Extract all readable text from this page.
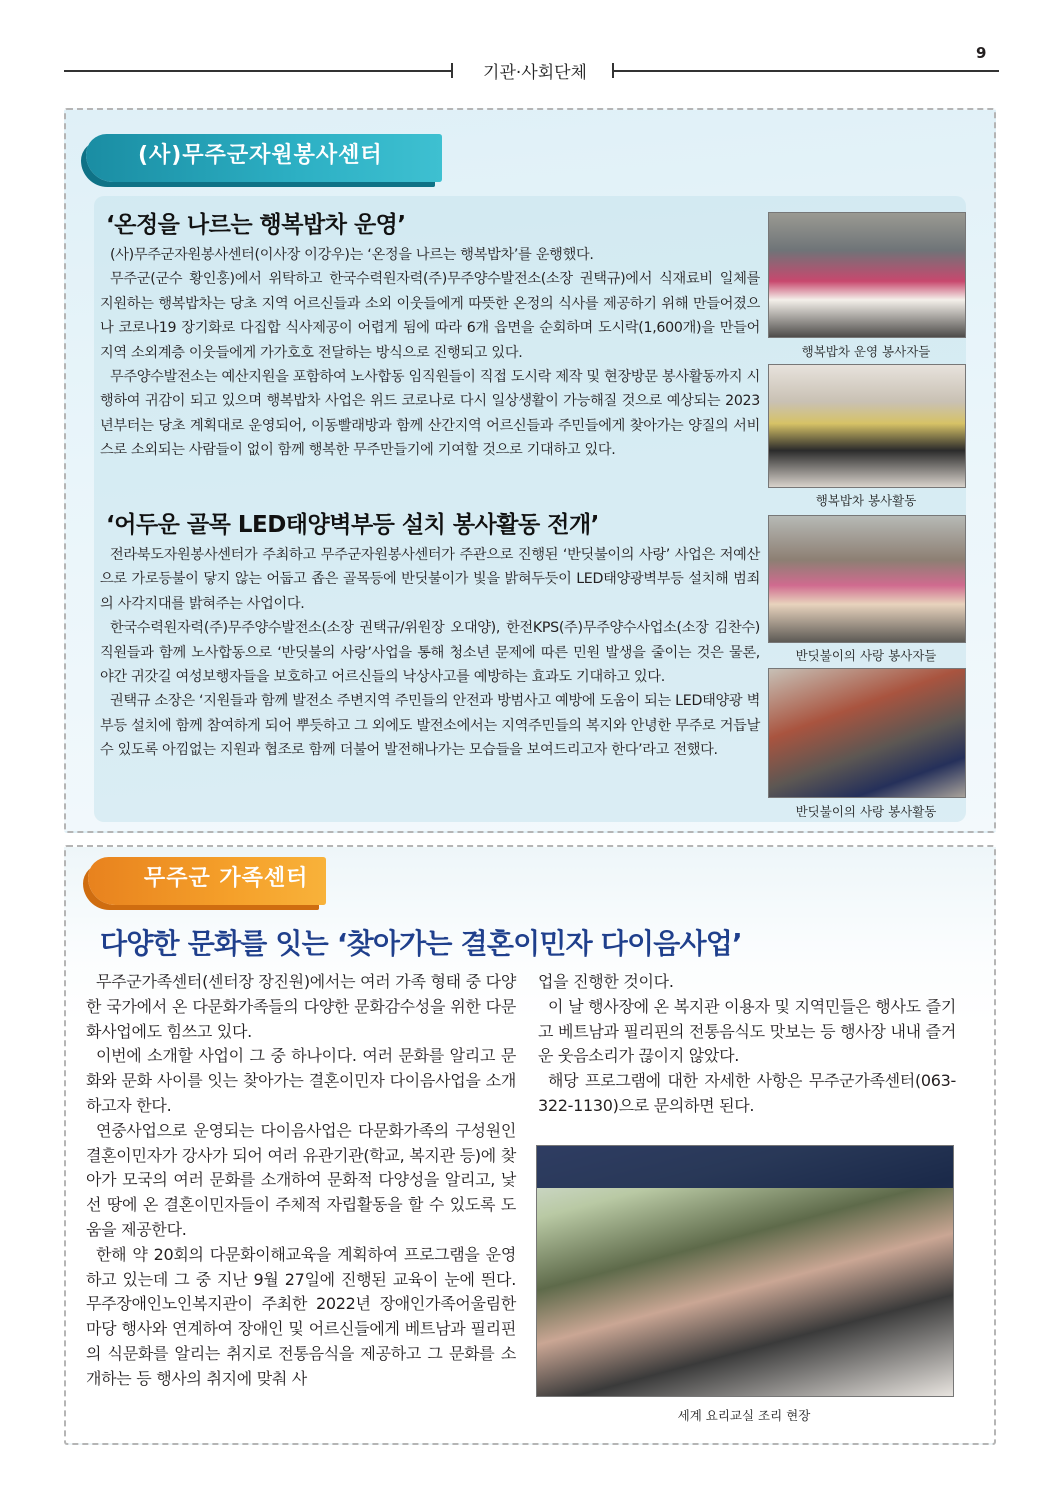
9
기관·사회단체
(사)무주군자원봉사센터
‘온정을 나르는 행복밥차 운영’

(사)무주군자원봉사센터(이사장 이강우)는 ‘온정을 나르는 행복밥차’를 운행했다.

무주군(군수 황인홍)에서 위탁하고 한국수력원자력(주)무주양수발전소(소장 권택규)에서 식재료비 일체를 지원하는 행복밥차는 당초 지역 어르신들과 소외 이웃들에게 따뜻한 온정의 식사를 제공하기 위해 만들어졌으나 코로나19 장기화로 다집합 식사제공이 어렵게 됨에 따라 6개 읍면을 순회하며 도시락(1,600개)을 만들어 지역 소외계층 이웃들에게 가가호호 전달하는 방식으로 진행되고 있다.

무주양수발전소는 예산지원을 포함하여 노사합동 임직원들이 직접 도시락 제작 및 현장방문 봉사활동까지 시행하여 귀감이 되고 있으며 행복밥차 사업은 위드 코로나로 다시 일상생활이 가능해질 것으로 예상되는 2023년부터는 당초 계획대로 운영되어, 이동빨래방과 함께 산간지역 어르신들과 주민들에게 찾아가는 양질의 서비스로 소외되는 사람들이 없이 함께 행복한 무주만들기에 기여할 것으로 기대하고 있다.

‘어두운 골목 LED태양벽부등 설치 봉사활동 전개’

전라북도자원봉사센터가 주최하고 무주군자원봉사센터가 주관으로 진행된 ‘반딧불이의 사랑’ 사업은 저예산으로 가로등불이 닿지 않는 어둡고 좁은 골목등에 반딧불이가 빛을 밝혀두듯이 LED태양광벽부등 설치해 범죄의 사각지대를 밝혀주는 사업이다.

한국수력원자력(주)무주양수발전소(소장 권택규/위원장 오대양), 한전KPS(주)무주양수사업소(소장 김찬수) 직원들과 함께 노사합동으로 ‘반딧불의 사랑’사업을 통해 청소년 문제에 따른 민원 발생을 줄이는 것은 물론, 야간 귀갓길 여성보행자들을 보호하고 어르신들의 낙상사고를 예방하는 효과도 기대하고 있다.

권택규 소장은 ‘지원들과 함께 발전소 주변지역 주민들의 안전과 방범사고 예방에 도움이 되는 LED태양광 벽부등 설치에 함께 참여하게 되어 뿌듯하고 그 외에도 발전소에서는 지역주민들의 복지와 안녕한 무주로 거듭날 수 있도록 아낌없는 지원과 협조로 함께 더불어 발전해나가는 모습들을 보여드리고자 한다’라고 전했다.

행복밥차 운영 봉사자들
행복밥차 봉사활동
반딧불이의 사랑 봉사자들
반딧불이의 사랑 봉사활동
무주군 가족센터
다양한 문화를 잇는 ‘찾아가는 결혼이민자 다이음사업’

무주군가족센터(센터장 장진원)에서는 여러 가족 형태 중 다양한 국가에서 온 다문화가족들의 다양한 문화감수성을 위한 다문화사업에도 힘쓰고 있다.

이번에 소개할 사업이 그 중 하나이다. 여러 문화를 알리고 문화와 문화 사이를 잇는 찾아가는 결혼이민자 다이음사업을 소개하고자 한다.

연중사업으로 운영되는 다이음사업은 다문화가족의 구성원인 결혼이민자가 강사가 되어 여러 유관기관(학교, 복지관 등)에 찾아가 모국의 여러 문화를 소개하여 문화적 다양성을 알리고, 낯선 땅에 온 결혼이민자들이 주체적 자립활동을 할 수 있도록 도움을 제공한다.

한해 약 20회의 다문화이해교육을 계획하여 프로그램을 운영하고 있는데 그 중 지난 9월 27일에 진행된 교육이 눈에 띈다. 무주장애인노인복지관이 주최한 2022년 장애인가족어울림한마당 행사와 연계하여 장애인 및 어르신들에게 베트남과 필리핀의 식문화를 알리는 취지로 전통음식을 제공하고 그 문화를 소개하는 등 행사의 취지에 맞춰 사

업을 진행한 것이다.

이 날 행사장에 온 복지관 이용자 및 지역민들은 행사도 즐기고 베트남과 필리핀의 전통음식도 맛보는 등 행사장 내내 즐거운 웃음소리가 끊이지 않았다.

해당 프로그램에 대한 자세한 사항은 무주군가족센터(063-322-1130)으로 문의하면 된다.

세계 요리교실 조리 현장
